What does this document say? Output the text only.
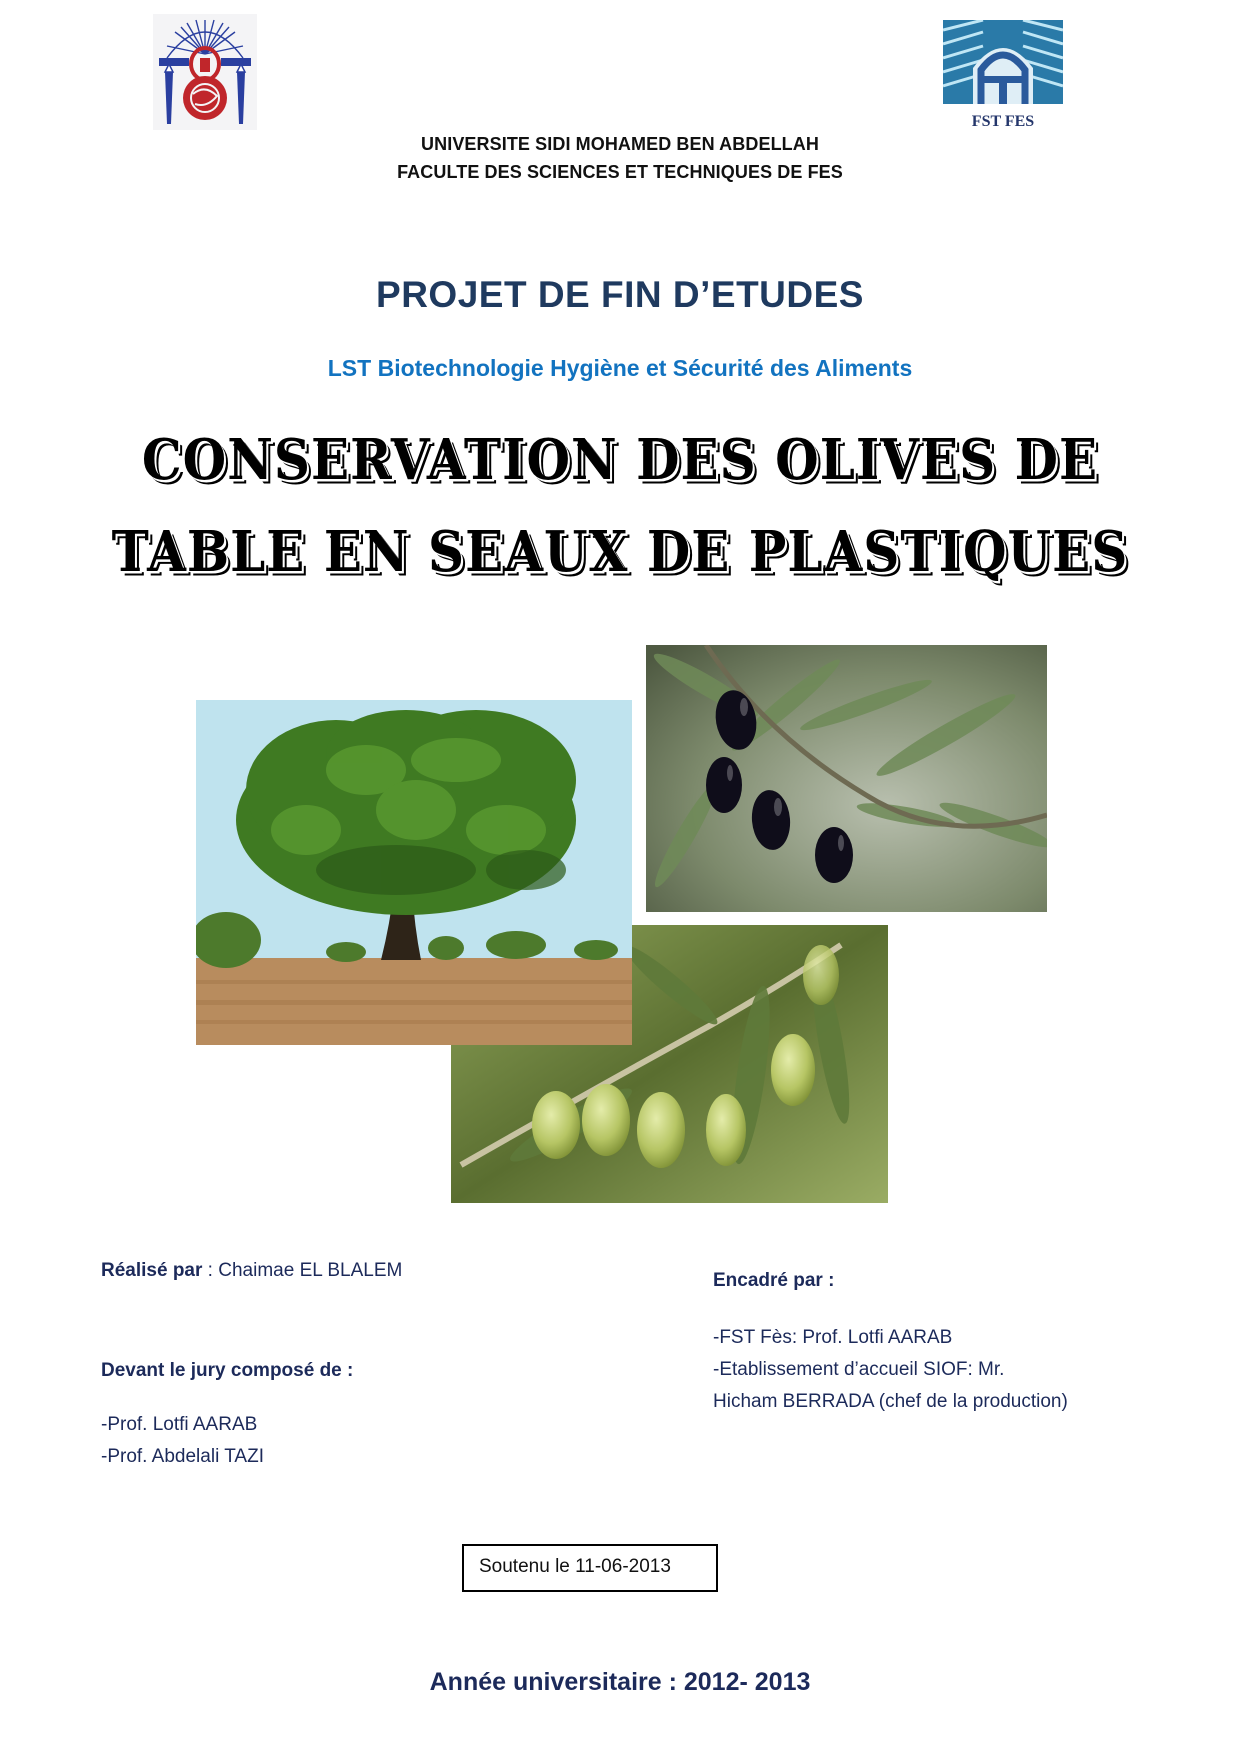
FST FES
UNIVERSITE SIDI MOHAMED BEN ABDELLAH
FACULTE DES SCIENCES ET TECHNIQUES DE FES
PROJET DE FIN D’ETUDES
LST Biotechnologie Hygiène et Sécurité des Aliments
CONSERVATION DES OLIVES DE
TABLE EN SEAUX DE PLASTIQUES
Réalisé par : Chaimae EL BLALEM
Devant le jury composé de :
-Prof. Lotfi AARAB
-Prof. Abdelali TAZI
Encadré par :
-FST Fès: Prof. Lotfi AARAB
-Etablissement d’accueil SIOF: Mr. Hicham BERRADA (chef de la production)
Soutenu le 11-06-2013
Année universitaire : 2012- 2013
